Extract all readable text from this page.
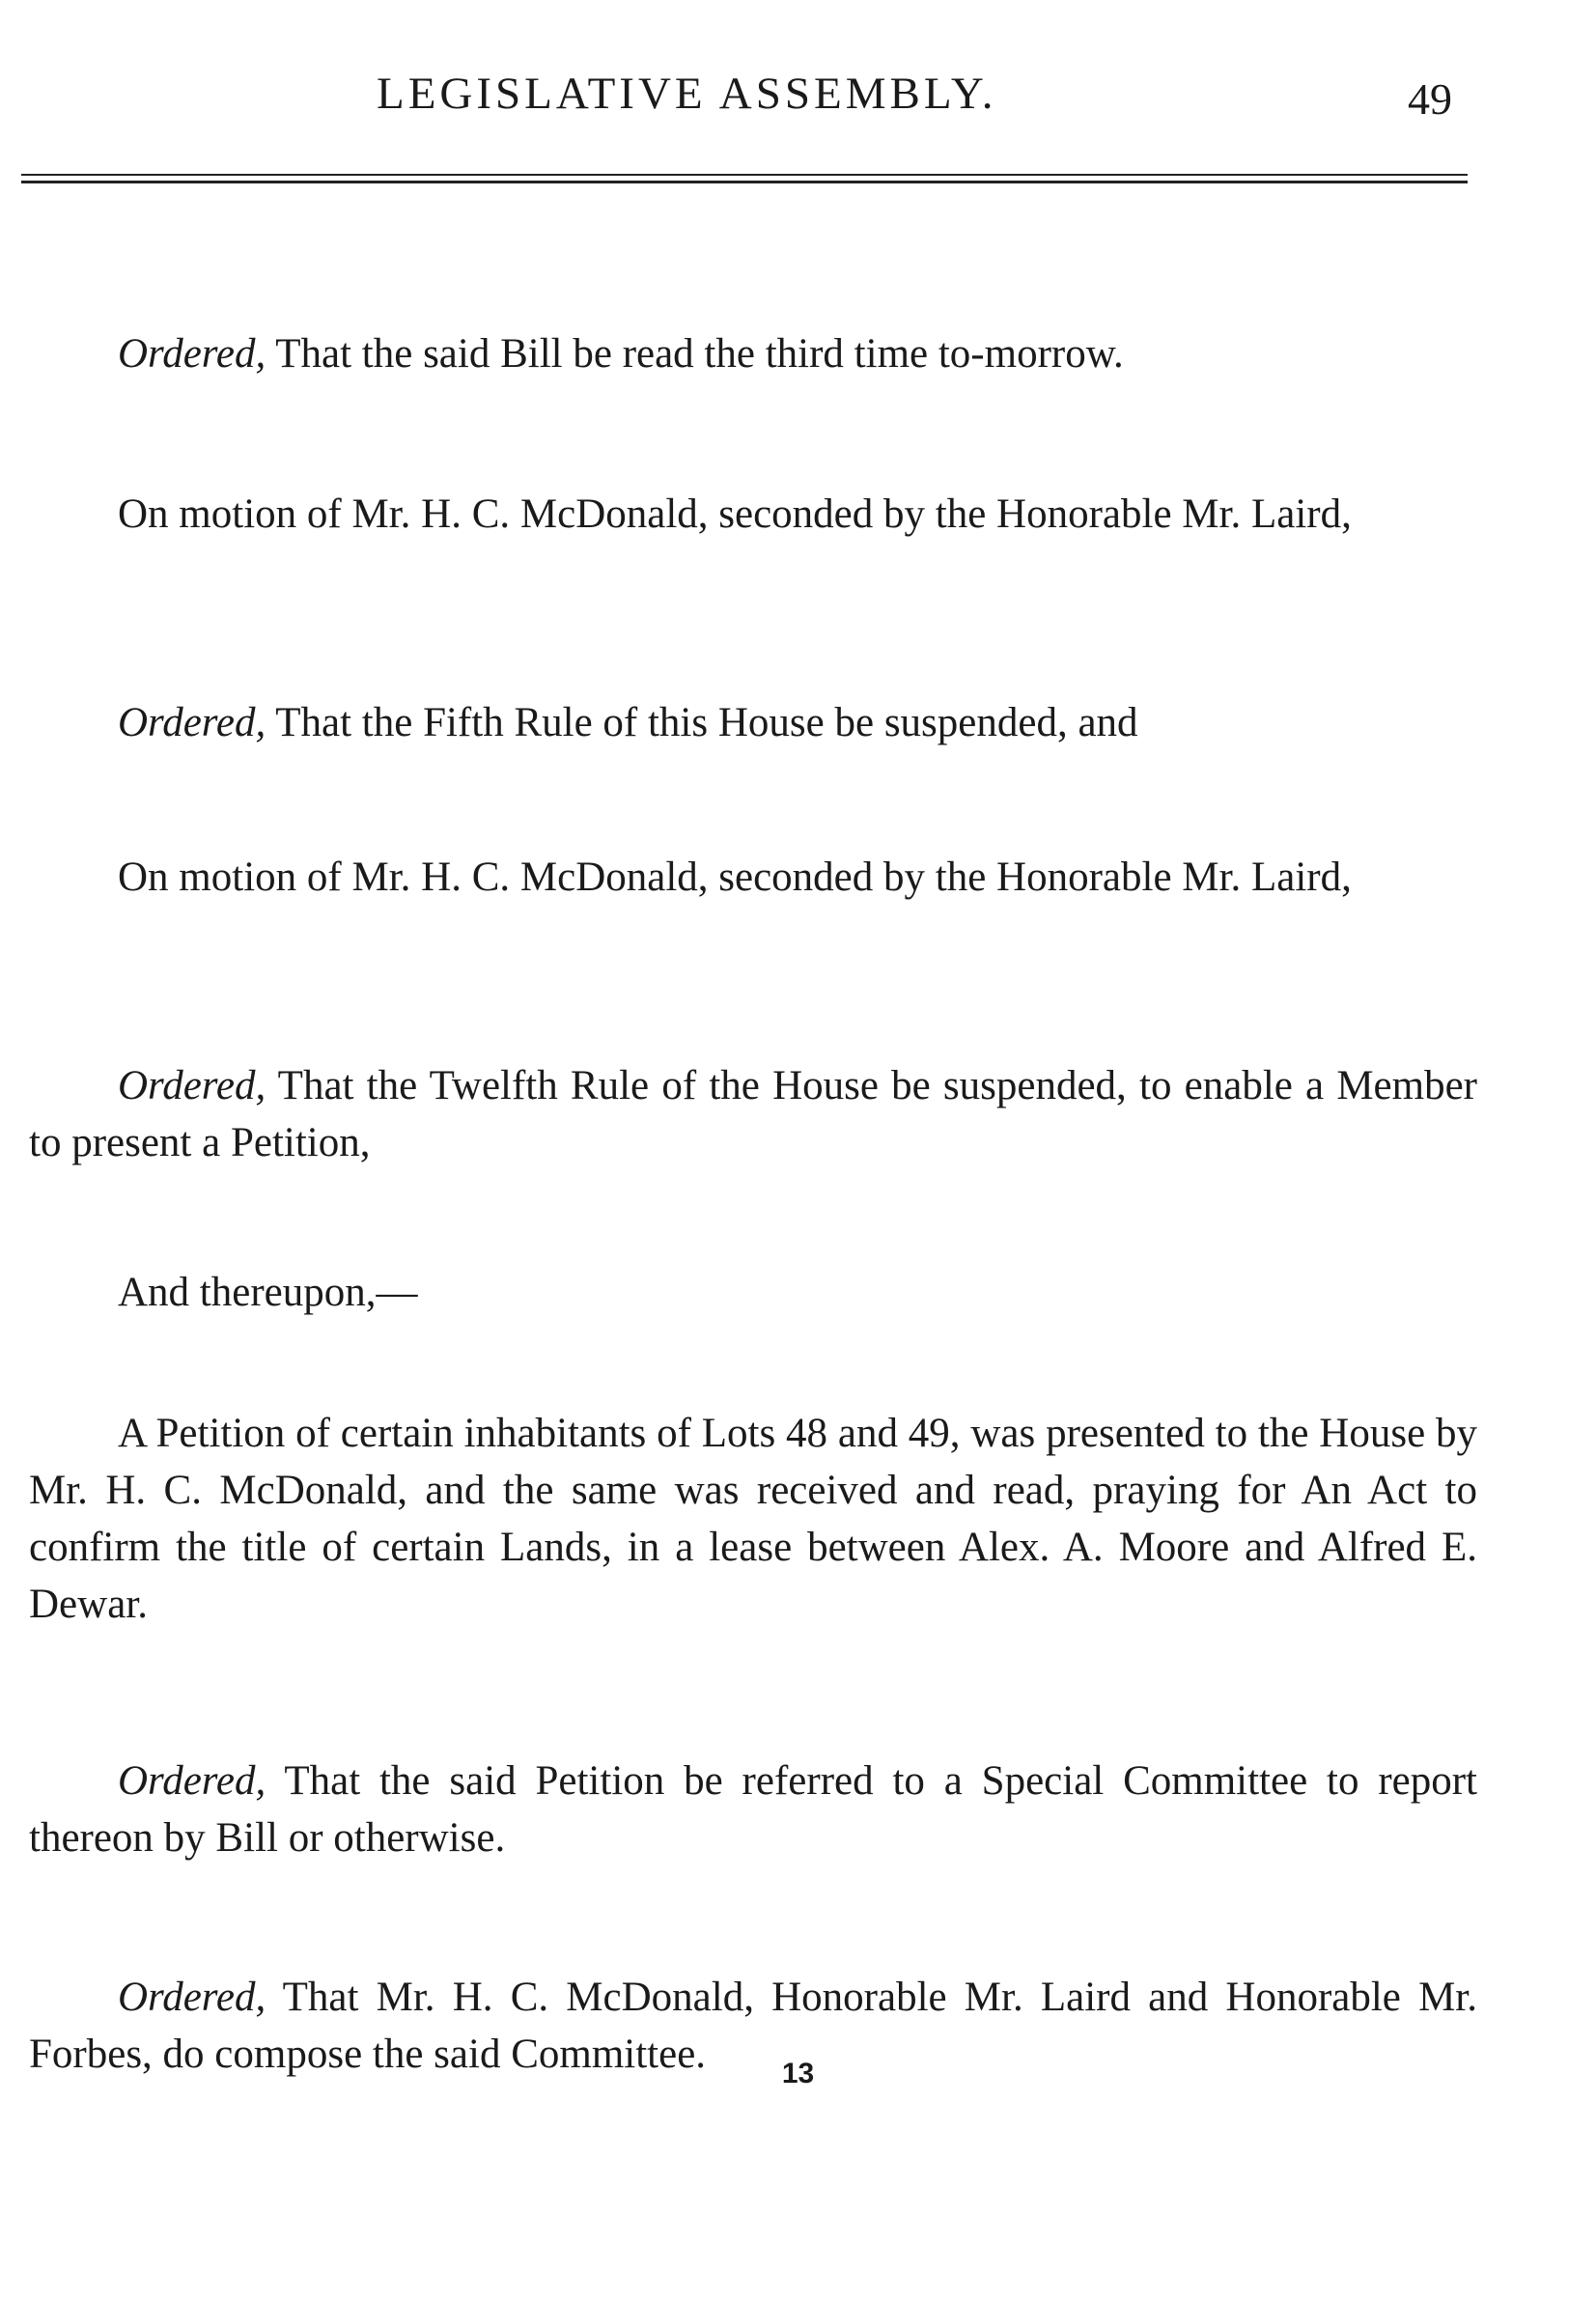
LEGISLATIVE ASSEMBLY.	49

Ordered, That the said Bill be read the third time to-morrow.

On motion of Mr. H. C. McDonald, seconded by the Honorable Mr. Laird,

Ordered, That the Fifth Rule of this House be suspended, and

On motion of Mr. H. C. McDonald, seconded by the Honorable Mr. Laird,

Ordered, That the Twelfth Rule of the House be suspended, to enable a Member to present a Petition,

And thereupon,—

A Petition of certain inhabitants of Lots 48 and 49, was presented to the House by Mr. H. C. McDonald, and the same was received and read, praying for An Act to confirm the title of certain Lands, in a lease between Alex. A. Moore and Alfred E. Dewar.

Ordered, That the said Petition be referred to a Special Committee to report thereon by Bill or otherwise.

Ordered, That Mr. H. C. McDonald, Honorable Mr. Laird and Honorable Mr. Forbes, do compose the said Committee.	13
